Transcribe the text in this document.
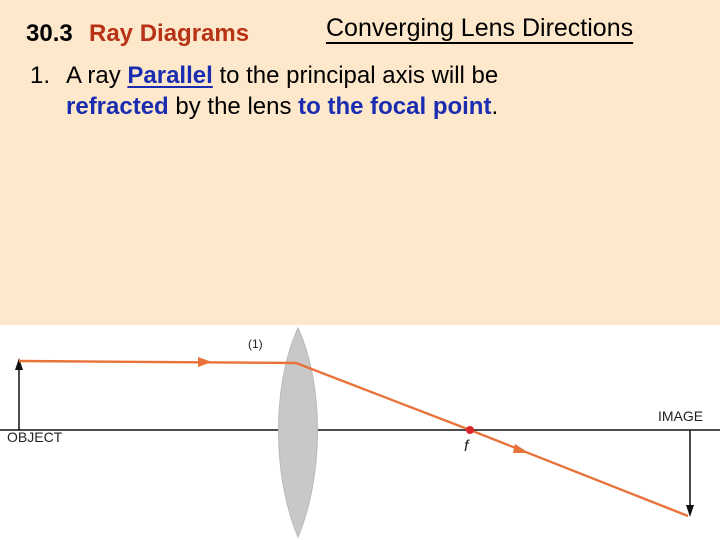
30.3 Ray Diagrams	Converging Lens Directions
1. A ray Parallel to the principal axis will be
refracted by the lens to the focal point.
(1)
OBJECT
IMAGE
f
